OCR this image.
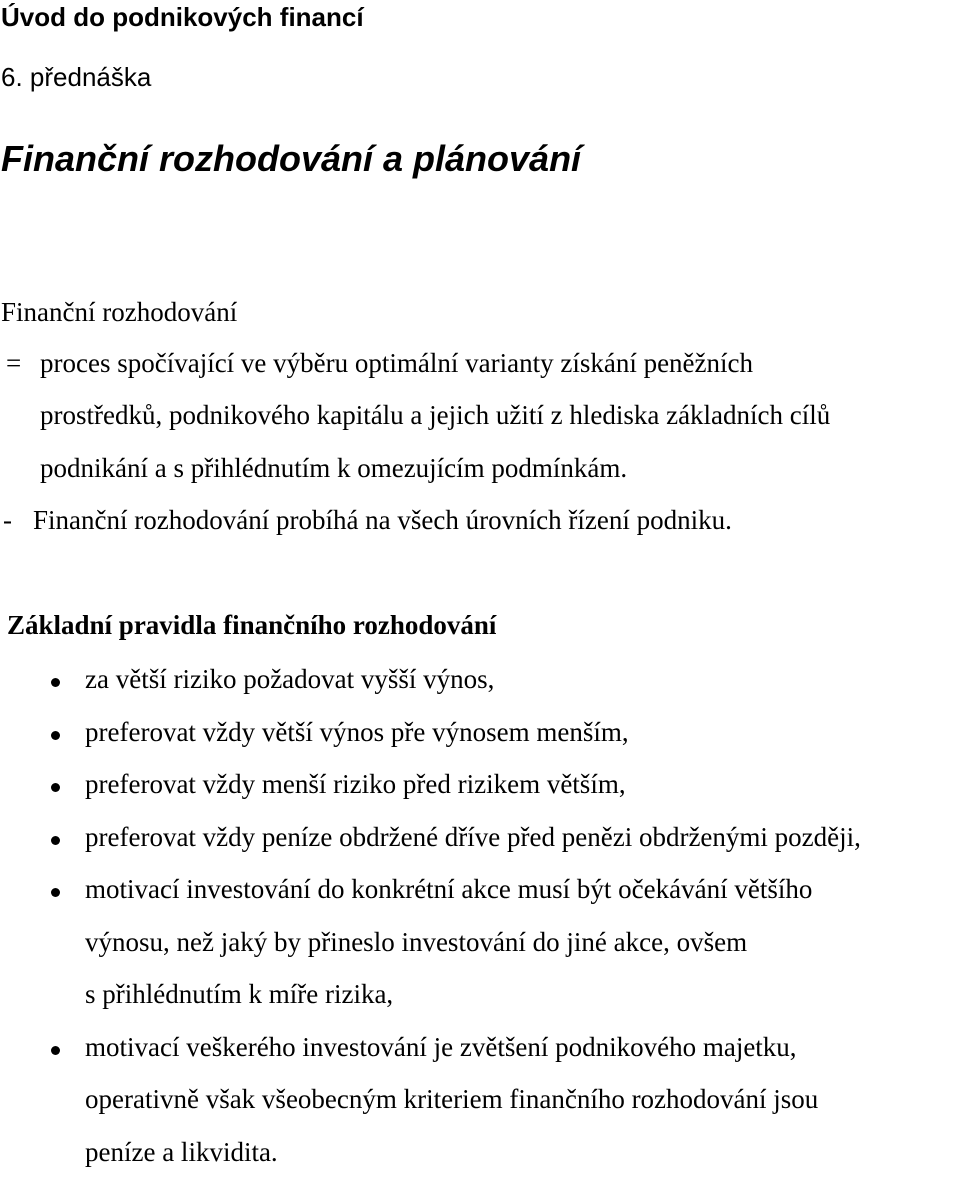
Úvod do podnikových financí
6. přednáška
Finanční rozhodování a plánování
Finanční rozhodování
= proces spočívající ve výběru optimální varianty získání peněžních
prostředků, podnikového kapitálu a jejich užití z hlediska základních cílů
podnikání a s přihlédnutím k omezujícím podmínkám.
- Finanční rozhodování probíhá na všech úrovních řízení podniku.
Základní pravidla finančního rozhodování
za větší riziko požadovat vyšší výnos,
preferovat vždy větší výnos pře výnosem menším,
preferovat vždy menší riziko před rizikem větším,
preferovat vždy peníze obdržené dříve před penězi obdrženými později,
motivací investování do konkrétní akce musí být očekávání většího
výnosu, než jaký by přineslo investování do jiné akce, ovšem
s přihlédnutím k míře rizika,
motivací veškerého investování je zvětšení podnikového majetku,
operativně však všeobecným kriteriem finančního rozhodování jsou
peníze a likvidita.
